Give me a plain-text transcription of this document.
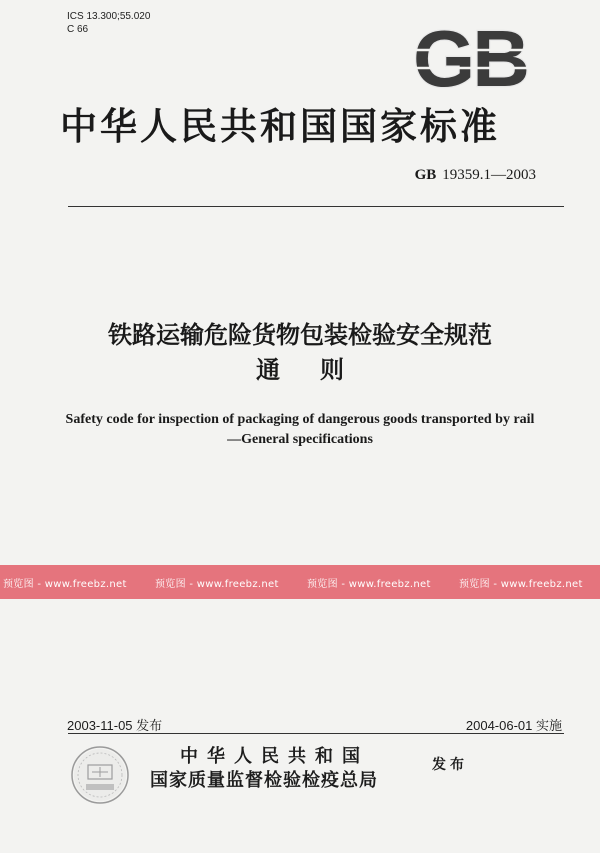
ICS 13.300;55.020
C 66	GB
中华人民共和国国家标准
GB 19359.1—2003
铁路运输危险货物包装检验安全规范
通则
Safety code for inspection of packaging of dangerous goods transported by rail
—General specifications
预览图 - www.freebz.net	预览图 - www.freebz.net	预览图 - www.freebz.net	预览图 - www.freebz.net
2003-11-05 发布	2004-06-01 实施
中华人民共和国
国家质量监督检验检疫总局
发布
